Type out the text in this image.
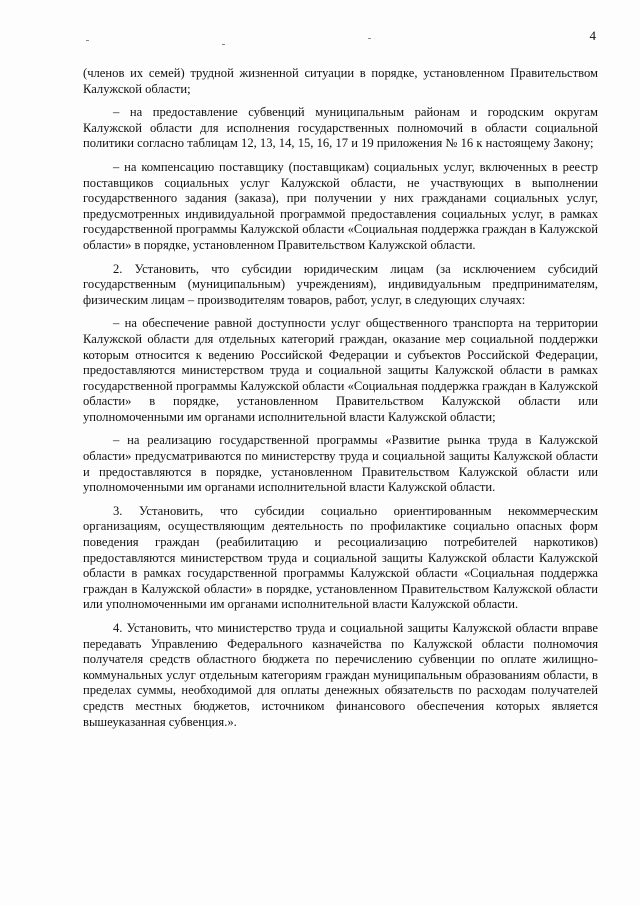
4

(членов их семей) трудной жизненной ситуации в порядке, установленном Правительством Калужской области;

– на предоставление субвенций муниципальным районам и городским округам Калужской области для исполнения государственных полномочий в области социальной политики согласно таблицам 12, 13, 14, 15, 16, 17 и 19 приложения № 16 к настоящему Закону;

– на компенсацию поставщику (поставщикам) социальных услуг, включенных в реестр поставщиков социальных услуг Калужской области, не участвующих в выполнении государственного задания (заказа), при получении у них гражданами социальных услуг, предусмотренных индивидуальной программой предоставления социальных услуг, в рамках государственной программы Калужской области «Социальная поддержка граждан в Калужской области» в порядке, установленном Правительством Калужской области.

2. Установить, что субсидии юридическим лицам (за исключением субсидий государственным (муниципальным) учреждениям), индивидуальным предпринимателям, физическим лицам – производителям товаров, работ, услуг, в следующих случаях:

– на обеспечение равной доступности услуг общественного транспорта на территории Калужской области для отдельных категорий граждан, оказание мер социальной поддержки которым относится к ведению Российской Федерации и субъектов Российской Федерации, предоставляются министерством труда и социальной защиты Калужской области в рамках государственной программы Калужской области «Социальная поддержка граждан в Калужской области» в порядке, установленном Правительством Калужской области или уполномоченными им органами исполнительной власти Калужской области;

– на реализацию государственной программы «Развитие рынка труда в Калужской области» предусматриваются по министерству труда и социальной защиты Калужской области и предоставляются в порядке, установленном Правительством Калужской области или уполномоченными им органами исполнительной власти Калужской области.

3. Установить, что субсидии социально ориентированным некоммерческим организациям, осуществляющим деятельность по профилактике социально опасных форм поведения граждан (реабилитацию и ресоциализацию потребителей наркотиков) предоставляются министерством труда и социальной защиты Калужской области Калужской области в рамках государственной программы Калужской области «Социальная поддержка граждан в Калужской области» в порядке, установленном Правительством Калужской области или уполномоченными им органами исполнительной власти Калужской области.

4. Установить, что министерство труда и социальной защиты Калужской области вправе передавать Управлению Федерального казначейства по Калужской области полномочия получателя средств областного бюджета по перечислению субвенции по оплате жилищно-коммунальных услуг отдельным категориям граждан муниципальным образованиям области, в пределах суммы, необходимой для оплаты денежных обязательств по расходам получателей средств местных бюджетов, источником финансового обеспечения которых является вышеуказанная субвенция.».
